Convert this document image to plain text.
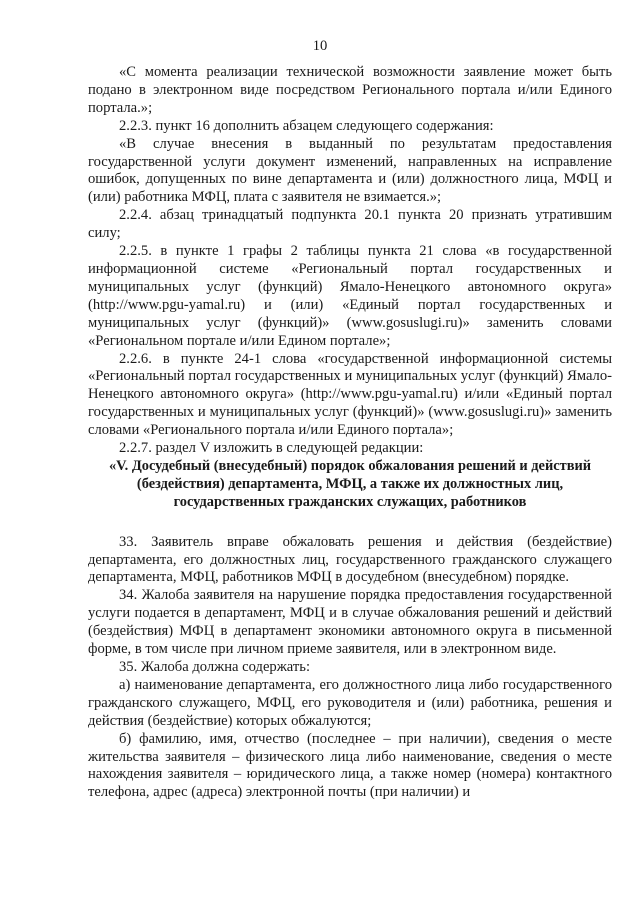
10

«С момента реализации технической возможности заявление может быть подано в электронном виде посредством Регионального портала и/или Единого портала.»;

2.2.3. пункт 16 дополнить абзацем следующего содержания:

«В случае внесения в выданный по результатам предоставления государственной услуги документ изменений, направленных на исправление ошибок, допущенных по вине департамента и (или) должностного лица, МФЦ и (или) работника МФЦ, плата с заявителя не взимается.»;

2.2.4. абзац тринадцатый подпункта 20.1 пункта 20 признать утратившим силу;

2.2.5. в пункте 1 графы 2 таблицы пункта 21 слова «в государственной информационной системе «Региональный портал государственных и муниципальных услуг (функций) Ямало-Ненецкого автономного округа» (http://www.pgu-yamal.ru) и (или) «Единый портал государственных и муниципальных услуг (функций)» (www.gosuslugi.ru)» заменить словами «Региональном портале и/или Едином портале»;

2.2.6. в пункте 24-1 слова «государственной информационной системы «Региональный портал государственных и муниципальных услуг (функций) Ямало-Ненецкого автономного округа» (http://www.pgu-yamal.ru) и/или «Единый портал государственных и муниципальных услуг (функций)» (www.gosuslugi.ru)» заменить словами «Регионального портала и/или Единого портала»;

2.2.7. раздел V изложить в следующей редакции:

«V. Досудебный (внесудебный) порядок обжалования решений и действий (бездействия) департамента, МФЦ, а также их должностных лиц, государственных гражданских служащих, работников

33. Заявитель вправе обжаловать решения и действия (бездействие) департамента, его должностных лиц, государственного гражданского служащего департамента, МФЦ, работников МФЦ в досудебном (внесудебном) порядке.

34. Жалоба заявителя на нарушение порядка предоставления государственной услуги подается в департамент, МФЦ и в случае обжалования решений и действий (бездействия) МФЦ в департамент экономики автономного округа в письменной форме, в том числе при личном приеме заявителя, или в электронном виде.

35. Жалоба должна содержать:

а) наименование департамента, его должностного лица либо государственного гражданского служащего, МФЦ, его руководителя и (или) работника, решения и действия (бездействие) которых обжалуются;

б) фамилию, имя, отчество (последнее – при наличии), сведения о месте жительства заявителя – физического лица либо наименование, сведения о месте нахождения заявителя – юридического лица, а также номер (номера) контактного телефона, адрес (адреса) электронной почты (при наличии) и
